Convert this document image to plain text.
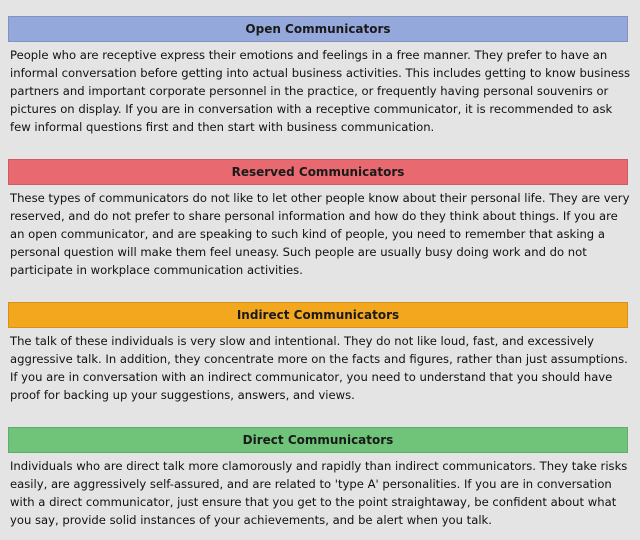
Open Communicators
People who are receptive express their emotions and feelings in a free manner. They prefer to have an informal conversation before getting into actual business activities. This includes getting to know business partners and important corporate personnel in the practice, or frequently having personal souvenirs or pictures on display. If you are in conversation with a receptive communicator, it is recommended to ask few informal questions first and then start with business communication.
Reserved Communicators
These types of communicators do not like to let other people know about their personal life. They are very reserved, and do not prefer to share personal information and how do they think about things. If you are an open communicator, and are speaking to such kind of people, you need to remember that asking a personal question will make them feel uneasy. Such people are usually busy doing work and do not participate in workplace communication activities.
Indirect Communicators
The talk of these individuals is very slow and intentional. They do not like loud, fast, and excessively aggressive talk. In addition, they concentrate more on the facts and figures, rather than just assumptions. If you are in conversation with an indirect communicator, you need to understand that you should have proof for backing up your suggestions, answers, and views.
Direct Communicators
Individuals who are direct talk more clamorously and rapidly than indirect communicators. They take risks easily, are aggressively self-assured, and are related to 'type A' personalities. If you are in conversation with a direct communicator, just ensure that you get to the point straightaway, be confident about what you say, provide solid instances of your achievements, and be alert when you talk.
